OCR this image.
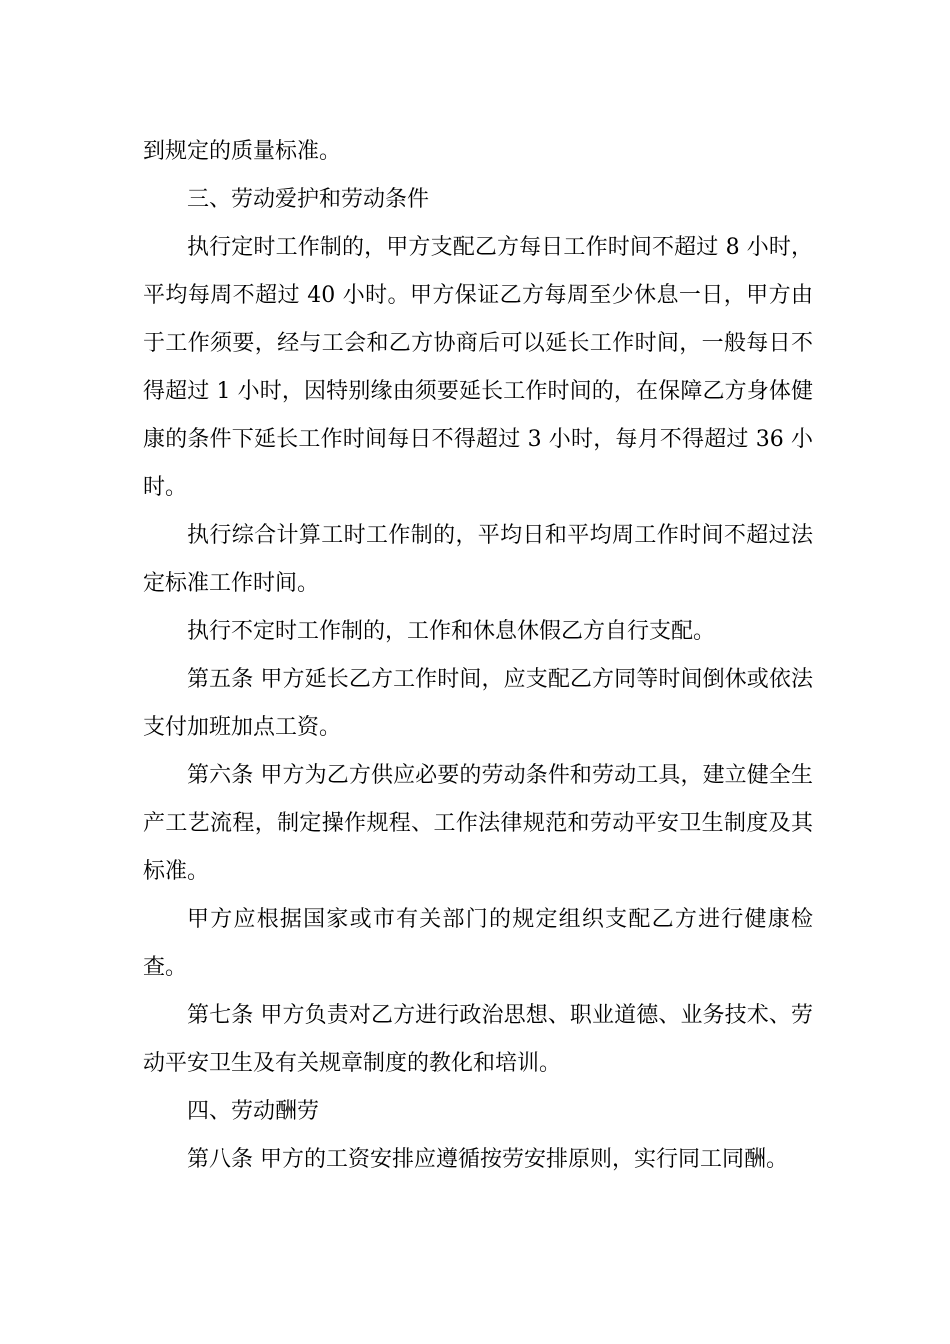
到规定的质量标准。

三、劳动爱护和劳动条件

执行定时工作制的，甲方支配乙方每日工作时间不超过 8 小时，平均每周不超过 40 小时。甲方保证乙方每周至少休息一日，甲方由于工作须要，经与工会和乙方协商后可以延长工作时间，一般每日不得超过 1 小时，因特别缘由须要延长工作时间的，在保障乙方身体健康的条件下延长工作时间每日不得超过 3 小时，每月不得超过 36 小时。

执行综合计算工时工作制的，平均日和平均周工作时间不超过法定标准工作时间。

执行不定时工作制的，工作和休息休假乙方自行支配。

第五条 甲方延长乙方工作时间，应支配乙方同等时间倒休或依法支付加班加点工资。

第六条 甲方为乙方供应必要的劳动条件和劳动工具，建立健全生产工艺流程，制定操作规程、工作法律规范和劳动平安卫生制度及其标准。

甲方应根据国家或市有关部门的规定组织支配乙方进行健康检查。

第七条 甲方负责对乙方进行政治思想、职业道德、业务技术、劳动平安卫生及有关规章制度的教化和培训。

四、劳动酬劳

第八条 甲方的工资安排应遵循按劳安排原则，实行同工同酬。
